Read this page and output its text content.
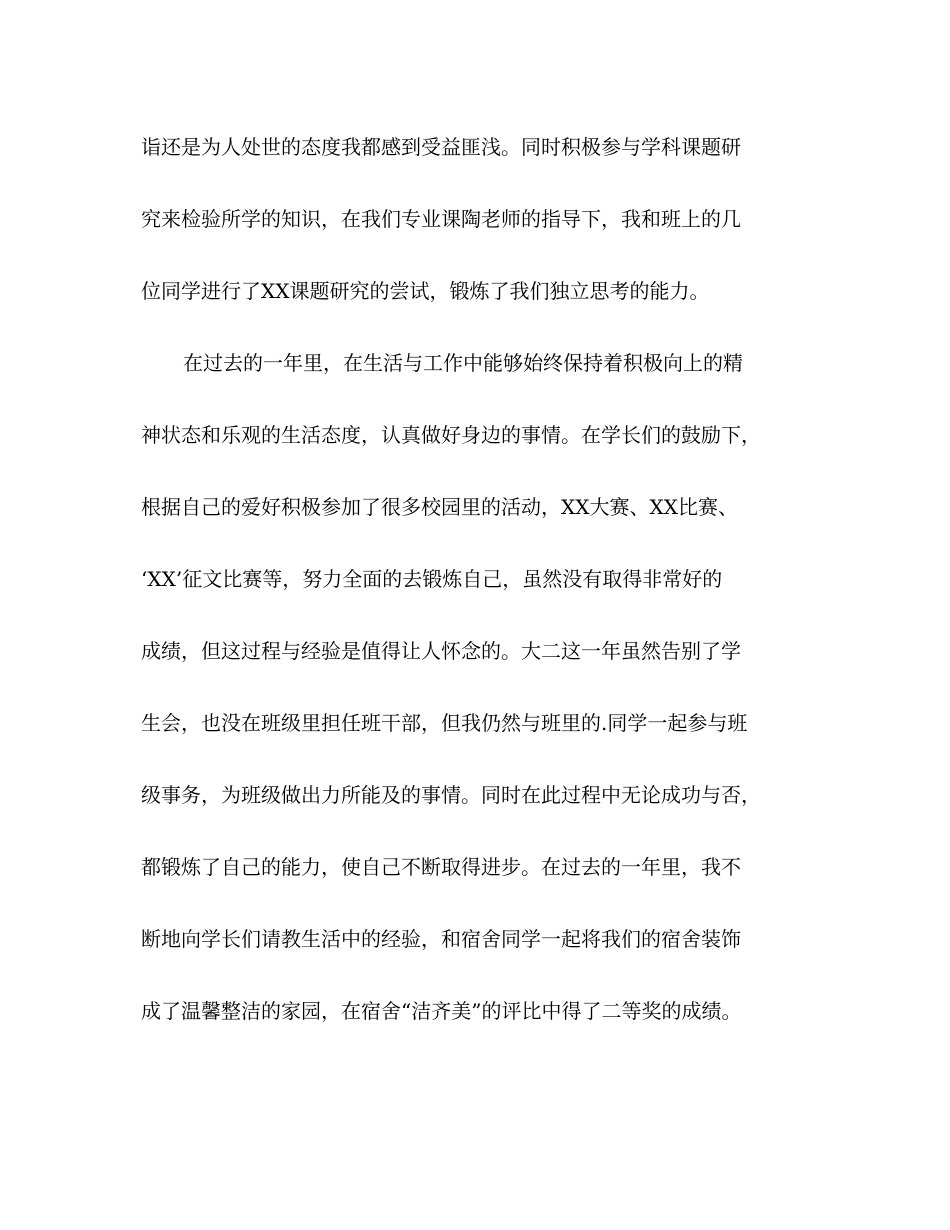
诣还是为人处世的态度我都感到受益匪浅。同时积极参与学科课题研
究来检验所学的知识，在我们专业课陶老师的指导下，我和班上的几
位同学进行了XX课题研究的尝试，锻炼了我们独立思考的能力。
在过去的一年里，在生活与工作中能够始终保持着积极向上的精
神状态和乐观的生活态度，认真做好身边的事情。在学长们的鼓励下，
根据自己的爱好积极参加了很多校园里的活动，XX大赛、XX比赛、
‘XX’征文比赛等，努力全面的去锻炼自己，虽然没有取得非常好的
成绩，但这过程与经验是值得让人怀念的。大二这一年虽然告别了学
生会，也没在班级里担任班干部，但我仍然与班里的.同学一起参与班
级事务，为班级做出力所能及的事情。同时在此过程中无论成功与否，
都锻炼了自己的能力，使自己不断取得进步。在过去的一年里，我不
断地向学长们请教生活中的经验，和宿舍同学一起将我们的宿舍装饰
成了温馨整洁的家园，在宿舍“洁齐美”的评比中得了二等奖的成绩。
